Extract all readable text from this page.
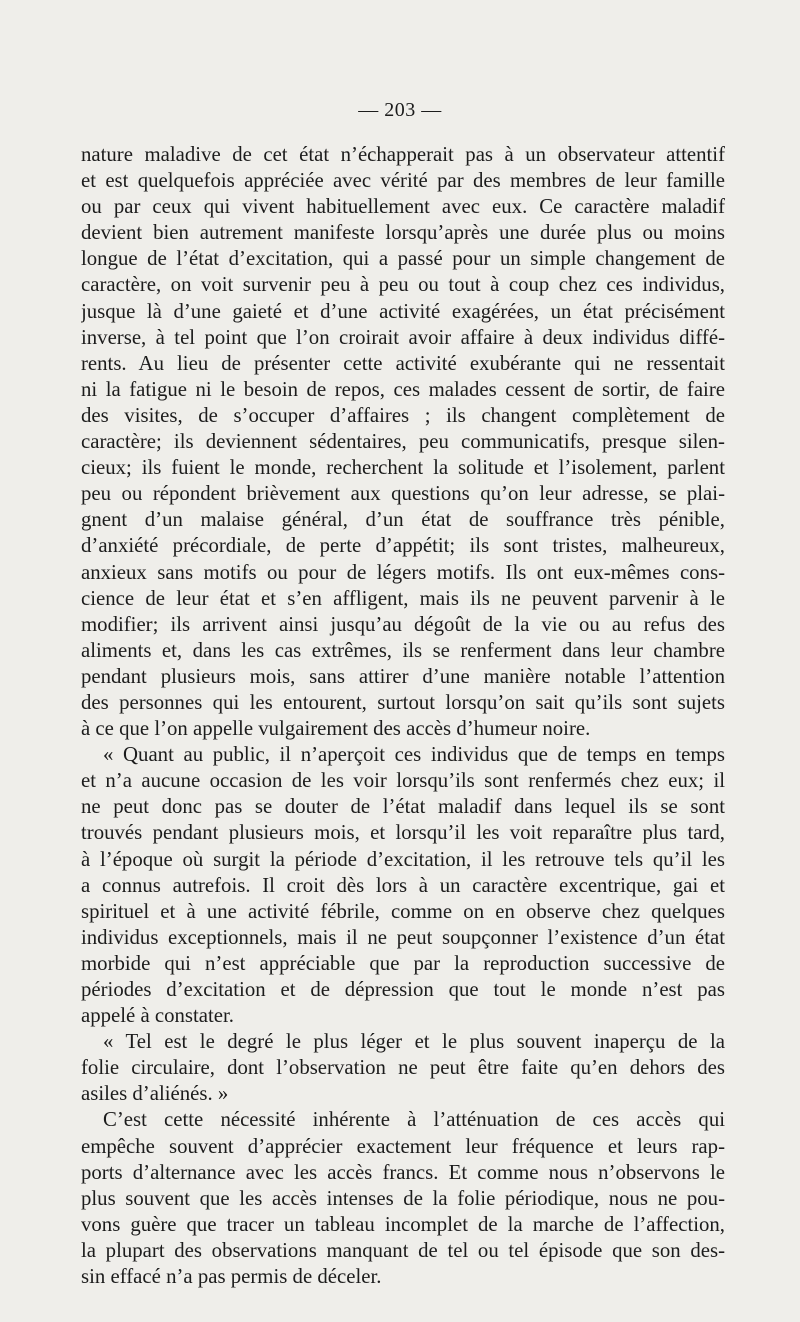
— 203 —
nature maladive de cet état n’échapperait pas à un observateur attentif
et est quelquefois appréciée avec vérité par des membres de leur famille
ou par ceux qui vivent habituellement avec eux. Ce caractère maladif
devient bien autrement manifeste lorsqu’après une durée plus ou moins
longue de l’état d’excitation, qui a passé pour un simple changement de
caractère, on voit survenir peu à peu ou tout à coup chez ces individus,
jusque là d’une gaieté et d’une activité exagérées, un état précisément
inverse, à tel point que l’on croirait avoir affaire à deux individus diffé-
rents. Au lieu de présenter cette activité exubérante qui ne ressentait
ni la fatigue ni le besoin de repos, ces malades cessent de sortir, de faire
des visites, de s’occuper d’affaires ; ils changent complètement de
caractère; ils deviennent sédentaires, peu communicatifs, presque silen-
cieux; ils fuient le monde, recherchent la solitude et l’isolement, parlent
peu ou répondent brièvement aux questions qu’on leur adresse, se plai-
gnent d’un malaise général, d’un état de souffrance très pénible,
d’anxiété précordiale, de perte d’appétit; ils sont tristes, malheureux,
anxieux sans motifs ou pour de légers motifs. Ils ont eux-mêmes cons-
cience de leur état et s’en affligent, mais ils ne peuvent parvenir à le
modifier; ils arrivent ainsi jusqu’au dégoût de la vie ou au refus des
aliments et, dans les cas extrêmes, ils se renferment dans leur chambre
pendant plusieurs mois, sans attirer d’une manière notable l’attention
des personnes qui les entourent, surtout lorsqu’on sait qu’ils sont sujets
à ce que l’on appelle vulgairement des accès d’humeur noire.
« Quant au public, il n’aperçoit ces individus que de temps en temps
et n’a aucune occasion de les voir lorsqu’ils sont renfermés chez eux; il
ne peut donc pas se douter de l’état maladif dans lequel ils se sont
trouvés pendant plusieurs mois, et lorsqu’il les voit reparaître plus tard,
à l’époque où surgit la période d’excitation, il les retrouve tels qu’il les
a connus autrefois. Il croit dès lors à un caractère excentrique, gai et
spirituel et à une activité fébrile, comme on en observe chez quelques
individus exceptionnels, mais il ne peut soupçonner l’existence d’un état
morbide qui n’est appréciable que par la reproduction successive de
périodes d’excitation et de dépression que tout le monde n’est pas
appelé à constater.
« Tel est le degré le plus léger et le plus souvent inaperçu de la
folie circulaire, dont l’observation ne peut être faite qu’en dehors des
asiles d’aliénés. »
C’est cette nécessité inhérente à l’atténuation de ces accès qui
empêche souvent d’apprécier exactement leur fréquence et leurs rap-
ports d’alternance avec les accès francs. Et comme nous n’observons le
plus souvent que les accès intenses de la folie périodique, nous ne pou-
vons guère que tracer un tableau incomplet de la marche de l’affection,
la plupart des observations manquant de tel ou tel épisode que son des-
sin effacé n’a pas permis de déceler.
